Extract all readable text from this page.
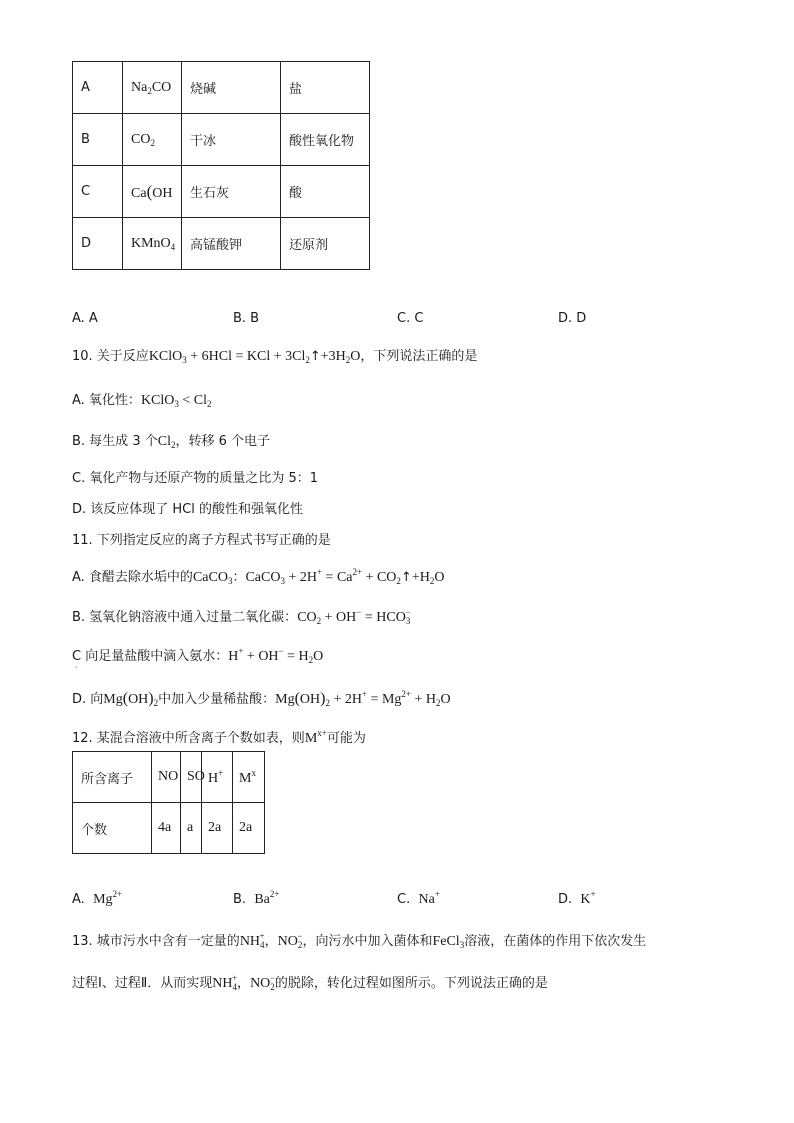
A	$Na_2CO$	烧碱	盐
B	$CO_2$	干冰	酸性氧化物
C	Ca(OH	生石灰	酸
D	KMnO$_4$	高锰酸钾	还原剂
A. A	B. B	C. C	D. D
10. 关于反应KClO$_3$ + 6HCl = KCl + $3Cl_2↑+3H_2O$，下列说法正确的是
A. 氧化性：KClO$_3$ < $Cl_2$
B. 每生成 3 个$Cl_2$，转移 6 个电子
C. 氧化产物与还原产物的质量之比为 5：1
D. 该反应体现了 HCl 的酸性和强氧化性
11. 下列指定反应的离子方程式书写正确的是
A. 食醋去除水垢中的CaCO$_3$：CaCO$_3$ + $2H^+ = Ca^{2+}$ + $CO_2↑+H_2O$
B. 氢氧化钠溶液中通入过量二氧化碳：$CO_2 + OH^- = HCO_3^-$
C 向足量盐酸中滴入氨水：$H^+ + OH^- = H_2O$
·
D. 向$Mg(OH)_2$中加入少量稀盐酸：$Mg(OH)_2 + 2H^+ = Mg^{2+} + H_2O$
12. 某混合溶液中所含离子个数如表，则$M^{x+}$可能为
所含离子	NO	SO	H+	$M^x$
个数	4a	a	2a	2a
A. $Mg^{2+}$	B. $Ba^{2+}$	C. Na+	D. K+
13. 城市污水中含有一定量的$NH_4^+$，$NO_2^-$，向污水中加入菌体和FeCl$_3$溶液，在菌体的作用下依次发生
过程Ⅰ、过程Ⅱ．从而实现$NH_4^+$，$NO_2^-$的脱除，转化过程如图所示。下列说法正确的是
